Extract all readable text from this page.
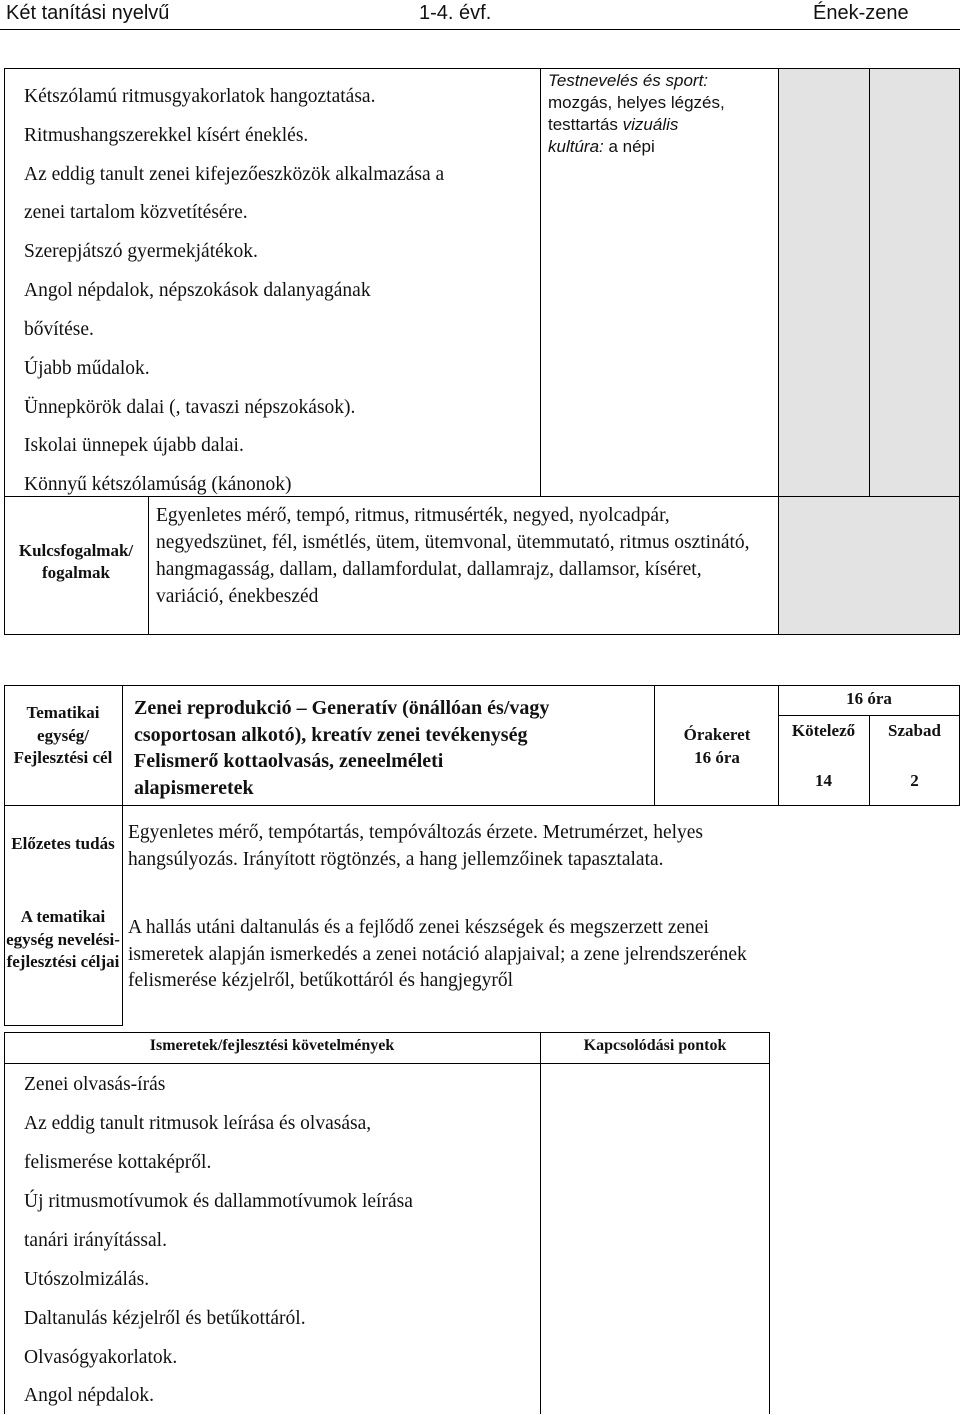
Két tanítási nyelvű	1-4. évf.	Ének-zene
Kétszólamú ritmusgyakorlatok hangoztatása.
Ritmushangszerekkel kísért éneklés.
Az eddig tanult zenei kifejezőeszközök alkalmazása a
zenei tartalom közvetítésére.
Szerepjátszó gyermekjátékok.
Angol népdalok, népszokások dalanyagának
bővítése.
Újabb műdalok.
Ünnepkörök dalai (, tavaszi népszokások).
Iskolai ünnepek újabb dalai.
Könnyű kétszólamúság (kánonok)
Testnevelés és sport:
mozgás, helyes légzés,
testtartás vizuális
kultúra: a népi
Kulcsfogalmak/ fogalmak
Egyenletes mérő, tempó, ritmus, ritmusérték, negyed, nyolcadpár, negyedszünet, fél, ismétlés, ütem, ütemvonal, ütemmutató, ritmus osztinátó, hangmagasság, dallam, dallamfordulat, dallamrajz, dallamsor, kíséret, variáció, énekbeszéd
Tematikai egység/ Fejlesztési cél
Zenei reprodukció – Generatív (önállóan és/vagy
csoportosan alkotó), kreatív zenei tevékenység
Felismerő kottaolvasás, zeneelméleti
alapismeretek
Órakeret
16 óra
16 óra
Kötelező	Szabad
14	2
Előzetes tudás
Egyenletes mérő, tempótartás, tempóváltozás érzete. Metrumérzet, helyes hangsúlyozás. Irányított rögtönzés, a hang jellemzőinek tapasztalata.
A tematikai egység nevelési-fejlesztési céljai
A hallás utáni daltanulás és a fejlődő zenei készségek és megszerzett zenei ismeretek alapján ismerkedés a zenei notáció alapjaival; a zene jelrendszerének felismerése kézjelről, betűkottáról és hangjegyről
Ismeretek/fejlesztési követelmények	Kapcsolódási pontok
Zenei olvasás-írás
Az eddig tanult ritmusok leírása és olvasása,
felismerése kottaképről.
Új ritmusmotívumok és dallammotívumok leírása
tanári irányítással.
Utószolmizálás.
Daltanulás kézjelről és betűkottáról.
Olvasógyakorlatok.
Angol népdalok.
